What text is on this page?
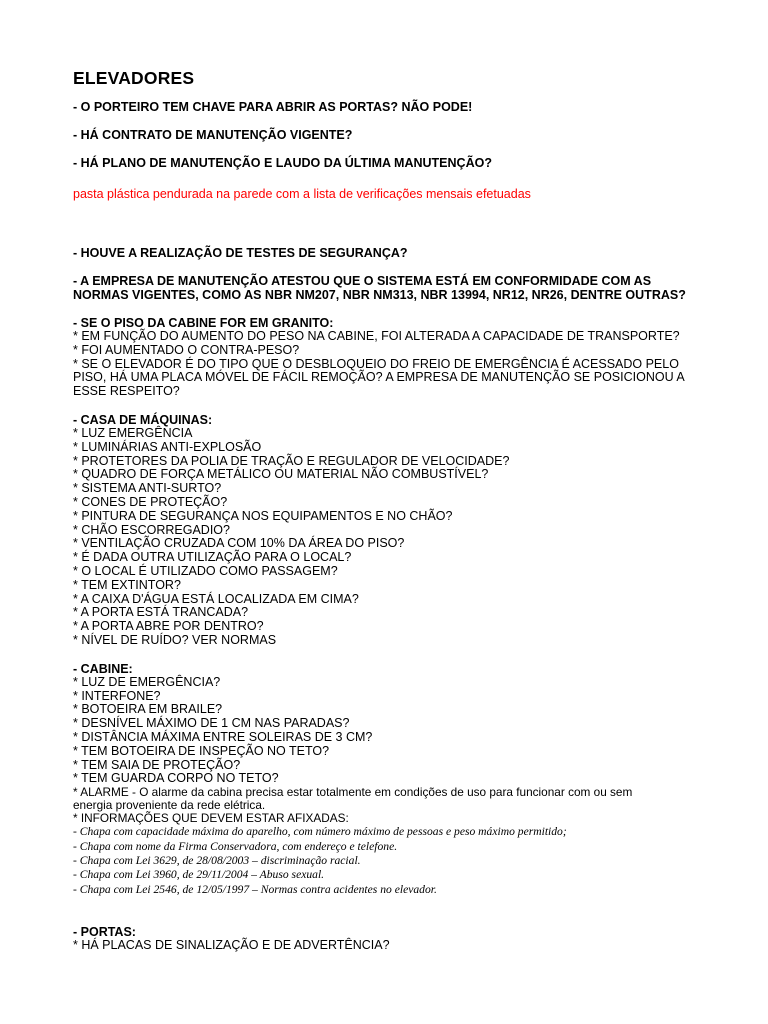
ELEVADORES

- O PORTEIRO TEM CHAVE PARA ABRIR AS PORTAS? NÃO PODE!

- HÁ CONTRATO DE MANUTENÇÃO VIGENTE?

- HÁ PLANO DE MANUTENÇÃO E LAUDO DA ÚLTIMA MANUTENÇÃO?

pasta plástica pendurada na parede com a lista de verificações mensais efetuadas

- HOUVE A REALIZAÇÃO DE TESTES DE SEGURANÇA?

- A EMPRESA DE MANUTENÇÃO ATESTOU QUE O SISTEMA ESTÁ EM CONFORMIDADE COM AS

NORMAS VIGENTES, COMO AS NBR NM207, NBR NM313, NBR 13994, NR12, NR26, DENTRE OUTRAS?

- SE O PISO DA CABINE FOR EM GRANITO:

* EM FUNÇÃO DO AUMENTO DO PESO NA CABINE, FOI ALTERADA A CAPACIDADE DE TRANSPORTE?

* FOI AUMENTADO O CONTRA-PESO?

* SE O ELEVADOR É DO TIPO QUE O DESBLOQUEIO DO FREIO DE EMERGÊNCIA É ACESSADO PELO

PISO, HÁ UMA PLACA MÓVEL DE FÁCIL REMOÇÃO? A EMPRESA DE MANUTENÇÃO SE POSICIONOU A

ESSE RESPEITO?

- CASA DE MÁQUINAS:

* LUZ EMERGÊNCIA

* LUMINÁRIAS ANTI-EXPLOSÃO

* PROTETORES DA POLIA DE TRAÇÃO E REGULADOR DE VELOCIDADE?

* QUADRO DE FORÇA METÁLICO OU MATERIAL NÃO COMBUSTÍVEL?

* SISTEMA ANTI-SURTO?

* CONES DE PROTEÇÃO?

* PINTURA DE SEGURANÇA NOS EQUIPAMENTOS E NO CHÃO?

* CHÃO ESCORREGADIO?

* VENTILAÇÃO CRUZADA COM 10% DA ÁREA DO PISO?

* É DADA OUTRA UTILIZAÇÃO PARA O LOCAL?

* O LOCAL É UTILIZADO COMO PASSAGEM?

* TEM EXTINTOR?

* A CAIXA D'ÁGUA ESTÁ LOCALIZADA EM CIMA?

* A PORTA ESTÁ TRANCADA?

* A PORTA ABRE POR DENTRO?

* NÍVEL DE RUÍDO? VER NORMAS

- CABINE:

* LUZ DE EMERGÊNCIA?

* INTERFONE?

* BOTOEIRA EM BRAILE?

* DESNÍVEL MÁXIMO DE 1 CM NAS PARADAS?

* DISTÂNCIA MÁXIMA ENTRE SOLEIRAS DE 3 CM?

* TEM BOTOEIRA DE INSPEÇÃO NO TETO?

* TEM SAIA DE PROTEÇÃO?

* TEM GUARDA CORPO NO TETO?

* ALARME - O alarme da cabina precisa estar totalmente em condições de uso para funcionar com ou sem

energia proveniente da rede elétrica.

* INFORMAÇÕES QUE DEVEM ESTAR AFIXADAS:

- Chapa com capacidade máxima do aparelho, com número máximo de pessoas e peso máximo permitido;

- Chapa com nome da Firma Conservadora, com endereço e telefone.

- Chapa com Lei 3629, de 28/08/2003 – discriminação racial.

- Chapa com Lei 3960, de 29/11/2004 – Abuso sexual.

- Chapa com Lei 2546, de 12/05/1997 – Normas contra acidentes no elevador.

- PORTAS:

* HÁ PLACAS DE SINALIZAÇÃO E DE ADVERTÊNCIA?
